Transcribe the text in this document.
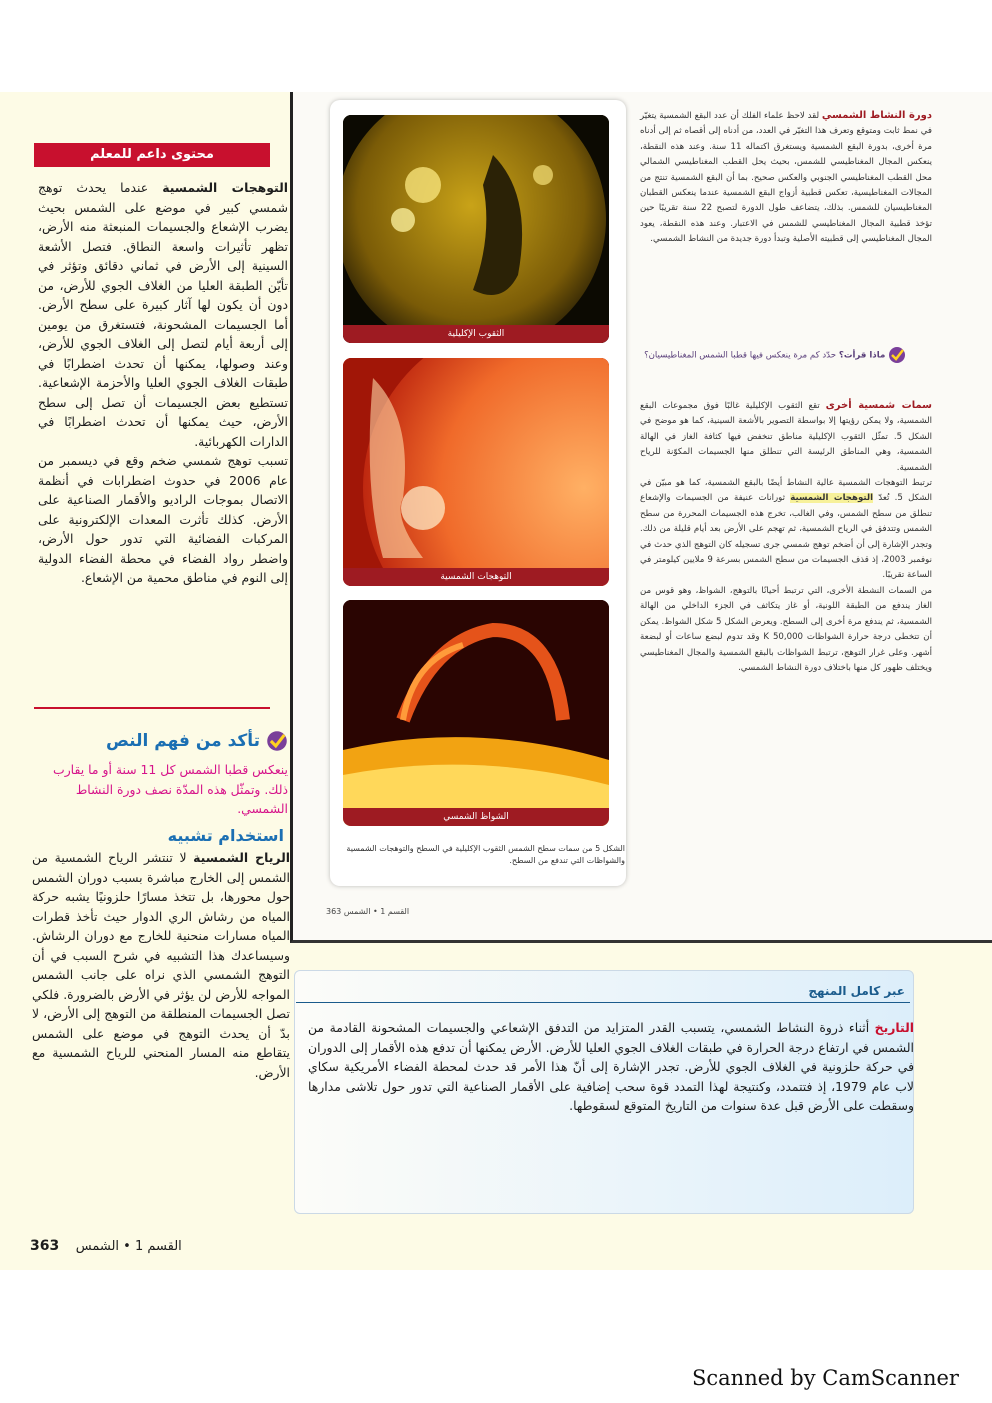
الثقوب الإكليلية
التوهجات الشمسية
الشواظ الشمسي
الشكل 5 من سمات سطح الشمس الثقوب الإكليلية في السطح والتوهجات الشمسية والشواظات التي تندفع من السطح.
دورة النشاط الشمسي لقد لاحظ علماء الفلك أن عدد البقع الشمسية يتغيّر في نمط ثابت ومتوقع وتعرف هذا التغيّر في العدد، من أدناه إلى أقصاه ثم إلى أدناه مرة أخرى، بدورة البقع الشمسية ويستغرق اكتماله 11 سنة. وعند هذه النقطة، ينعكس المجال المغناطيسي للشمس، بحيث يحل القطب المغناطيسي الشمالي محل القطب المغناطيسي الجنوبي والعكس صحيح. بما أن البقع الشمسية تنتج من المجالات المغناطيسية، تعكس قطبية أزواج البقع الشمسية عندما ينعكس القطبان المغناطيسيان للشمس. بذلك، يتضاعف طول الدورة لتصبح 22 سنة تقريبًا حين تؤخذ قطبية المجال المغناطيسي للشمس في الاعتبار. وعند هذه النقطة، يعود المجال المغناطيسي إلى قطبيته الأصلية وتبدأ دورة جديدة من النشاط الشمسي.
ماذا قرأت؟ حدّد كم مرة ينعكس فيها قطبا الشمس المغناطيسيان؟
سمات شمسية أخرى تقع الثقوب الإكليلية غالبًا فوق مجموعات البقع الشمسية، ولا يمكن رؤيتها إلا بواسطة التصوير بالأشعة السينية، كما هو موضح في الشكل 5. تمثّل الثقوب الإكليلية مناطق تنخفض فيها كثافة الغاز في الهالة الشمسية، وهي المناطق الرئيسة التي تنطلق منها الجسيمات المكوّنة للرياح الشمسية.
ترتبط التوهجات الشمسية عالية النشاط أيضًا بالبقع الشمسية، كما هو مبيّن في الشكل 5. تُعدّ التوهجات الشمسية ثورانات عنيفة من الجسيمات والإشعاع تنطلق من سطح الشمس، وفي الغالب، تخرج هذه الجسيمات المحررة من سطح الشمس وتتدفق في الرياح الشمسية، ثم تهجم على الأرض بعد أيام قليلة من ذلك. وتجدر الإشارة إلى أن أضخم توهج شمسي جرى تسجيله كان التوهج الذي حدث في نوفمبر 2003، إذ قذف الجسيمات من سطح الشمس بسرعة 9 ملايين كيلومتر في الساعة تقريبًا.
من السمات النشطة الأخرى، التي ترتبط أحيانًا بالتوهج، الشواظ، وهو قوس من الغاز يندفع من الطبقة اللونية، أو غاز يتكاثف في الجزء الداخلي من الهالة الشمسية، ثم يندفع مرة أخرى إلى السطح. ويعرض الشكل 5 شكل الشواظ. يمكن أن تتخطى درجة حرارة الشواظات 50,000 K وقد تدوم لبضع ساعات أو لبضعة أشهر. وعلى غرار التوهج، ترتبط الشواظات بالبقع الشمسية والمجال المغناطيسي ويختلف ظهور كل منها باختلاف دورة النشاط الشمسي.
363 القسم 1 • الشمس
محتوى داعم للمعلم
التوهجات الشمسية عندما يحدث توهج شمسي كبير في موضع على الشمس بحيث يضرب الإشعاع والجسيمات المنبعثة منه الأرض، تظهر تأثيرات واسعة النطاق. فتصل الأشعة السينية إلى الأرض في ثماني دقائق وتؤثر في تأيّن الطبقة العليا من الغلاف الجوي للأرض، من دون أن يكون لها آثار كبيرة على سطح الأرض. أما الجسيمات المشحونة، فتستغرق من يومين إلى أربعة أيام لتصل إلى الغلاف الجوي للأرض، وعند وصولها، يمكنها أن تحدث اضطرابًا في طبقات الغلاف الجوي العليا والأحزمة الإشعاعية. تستطيع بعض الجسيمات أن تصل إلى سطح الأرض، حيث يمكنها أن تحدث اضطرابًا في الدارات الكهربائية.
تسبب توهج شمسي ضخم وقع في ديسمبر من عام 2006 في حدوث اضطرابات في أنظمة الاتصال بموجات الراديو والأقمار الصناعية على الأرض. كذلك تأثرت المعدات الإلكترونية على المركبات الفضائية التي تدور حول الأرض، واضطر رواد الفضاء في محطة الفضاء الدولية إلى النوم في مناطق محمية من الإشعاع.
تأكد من فهم النص
ينعكس قطبا الشمس كل 11 سنة أو ما يقارب ذلك. وتمثّل هذه المدّة نصف دورة النشاط الشمسي.
استخدام تشبيه
الرياح الشمسية لا تنتشر الرياح الشمسية من الشمس إلى الخارج مباشرة بسبب دوران الشمس حول محورها، بل تتخذ مسارًا حلزونيًا يشبه حركة المياه من رشاش الري الدوار حيث تأخذ قطرات المياه مسارات منحنية للخارج مع دوران الرشاش. وسيساعدك هذا التشبيه في شرح السبب في أن التوهج الشمسي الذي نراه على جانب الشمس المواجه للأرض لن يؤثر في الأرض بالضرورة. فلكي تصل الجسيمات المنطلقة من التوهج إلى الأرض، لا بدّ أن يحدث التوهج في موضع على الشمس يتقاطع منه المسار المنحني للرياح الشمسية مع الأرض.
عبر كامل المنهج
التاريخ أثناء ذروة النشاط الشمسي، يتسبب القدر المتزايد من التدفق الإشعاعي والجسيمات المشحونة القادمة من الشمس في ارتفاع درجة الحرارة في طبقات الغلاف الجوي العليا للأرض. الأرض يمكنها أن تدفع هذه الأقمار إلى الدوران في حركة حلزونية في الغلاف الجوي للأرض. تجدر الإشارة إلى أنّ هذا الأمر قد حدث لمحطة الفضاء الأمريكية سكاي لاب عام 1979، إذ فتتمدد، وكنتيجة لهذا التمدد قوة سحب إضافية على الأقمار الصناعية التي تدور حول تلاشى مدارها وسقطت على الأرض قبل عدة سنوات من التاريخ المتوقع لسقوطها.
363 القسم 1 • الشمس
Scanned by CamScanner
